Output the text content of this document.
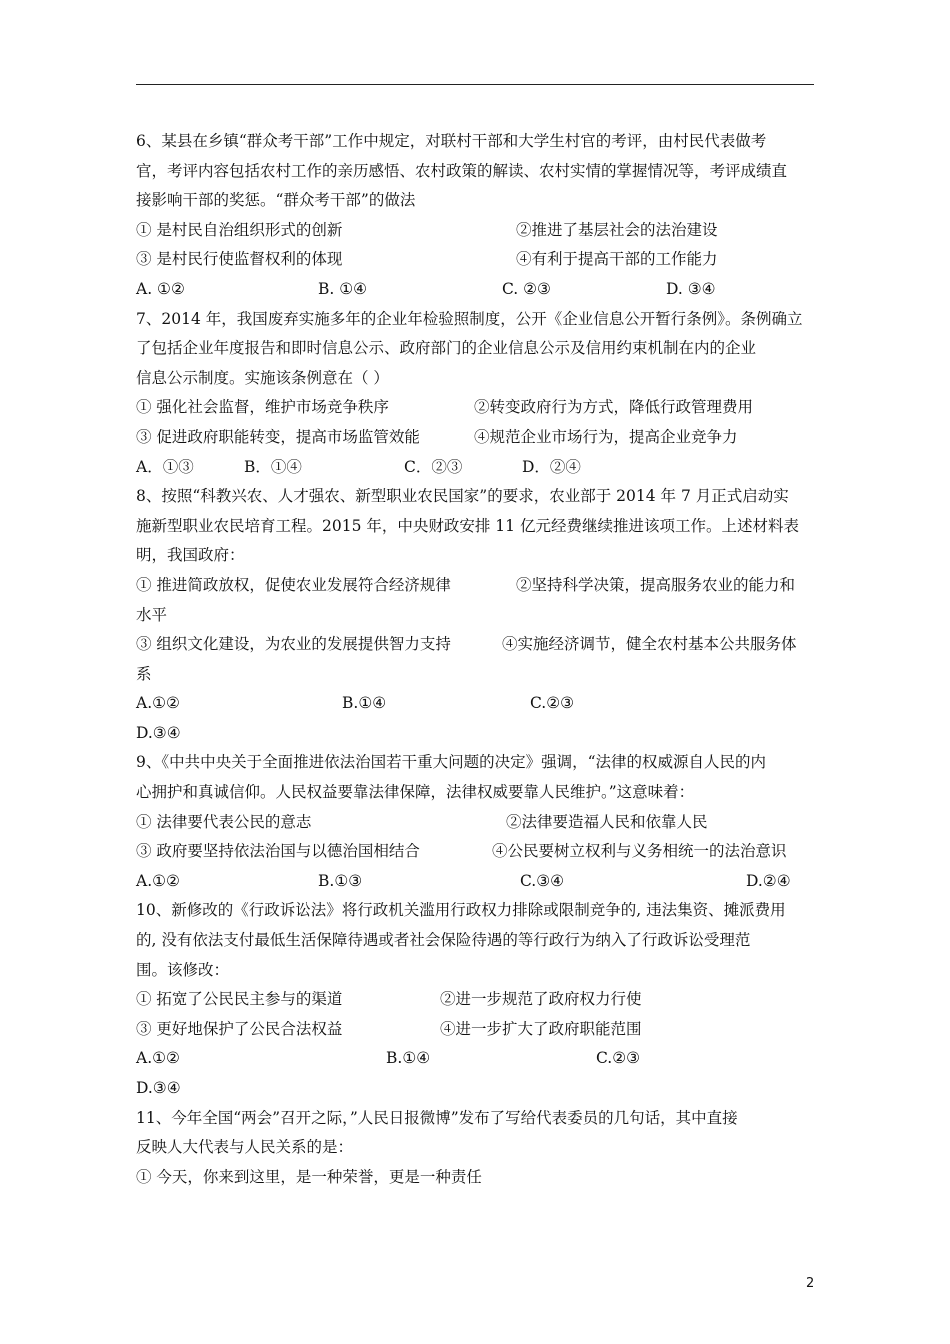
6、某县在乡镇“群众考干部”工作中规定，对联村干部和大学生村官的考评，由村民代表做考
官，考评内容包括农村工作的亲历感悟、农村政策的解读、农村实情的掌握情况等，考评成绩直
接影响干部的奖惩。“群众考干部”的做法
① 是村民自治组织形式的创新	②推进了基层社会的法治建设
③ 是村民行使监督权利的体现	④有利于提高干部的工作能力
A. ①②	B. ①④	C. ②③	D. ③④
7、2014 年，我国废弃实施多年的企业年检验照制度，公开《企业信息公开暂行条例》。条例确立
了包括企业年度报告和即时信息公示、政府部门的企业信息公示及信用约束机制在内的企业
信息公示制度。实施该条例意在（ ）
① 强化社会监督，维护市场竞争秩序	②转变政府行为方式，降低行政管理费用
③ 促进政府职能转变，提高市场监管效能	④规范企业市场行为，提高企业竞争力
A．①③	B．①④	C．②③	D．②④
8、按照“科教兴农、人才强农、新型职业农民国家”的要求，农业部于 2014 年 7 月正式启动实
施新型职业农民培育工程。2015 年，中央财政安排 11 亿元经费继续推进该项工作。上述材料表
明，我国政府：
① 推进简政放权，促使农业发展符合经济规律	②坚持科学决策，提高服务农业的能力和
水平
③ 组织文化建设，为农业的发展提供智力支持	④实施经济调节，健全农村基本公共服务体
系
A.①②	B.①④	C.②③
D.③④
9、《中共中央关于全面推进依法治国若干重大问题的决定》强调，“法律的权威源自人民的内
心拥护和真诚信仰。人民权益要靠法律保障，法律权威要靠人民维护。”这意味着：
① 法律要代表公民的意志	②法律要造福人民和依靠人民
③ 政府要坚持依法治国与以德治国相结合	④公民要树立权利与义务相统一的法治意识
A.①②	B.①③	C.③④	D.②④
10、新修改的《行政诉讼法》将行政机关滥用行政权力排除或限制竞争的, 违法集资、摊派费用
的, 没有依法支付最低生活保障待遇或者社会保险待遇的等行政行为纳入了行政诉讼受理范
围。该修改：
① 拓宽了公民民主参与的渠道	②进一步规范了政府权力行使
③ 更好地保护了公民合法权益	④进一步扩大了政府职能范围
A.①②	B.①④	C.②③
D.③④
11、今年全国“两会”召开之际，”人民日报微博”发布了写给代表委员的几句话，其中直接
反映人大代表与人民关系的是：
① 今天，你来到这里，是一种荣誉，更是一种责任
2
